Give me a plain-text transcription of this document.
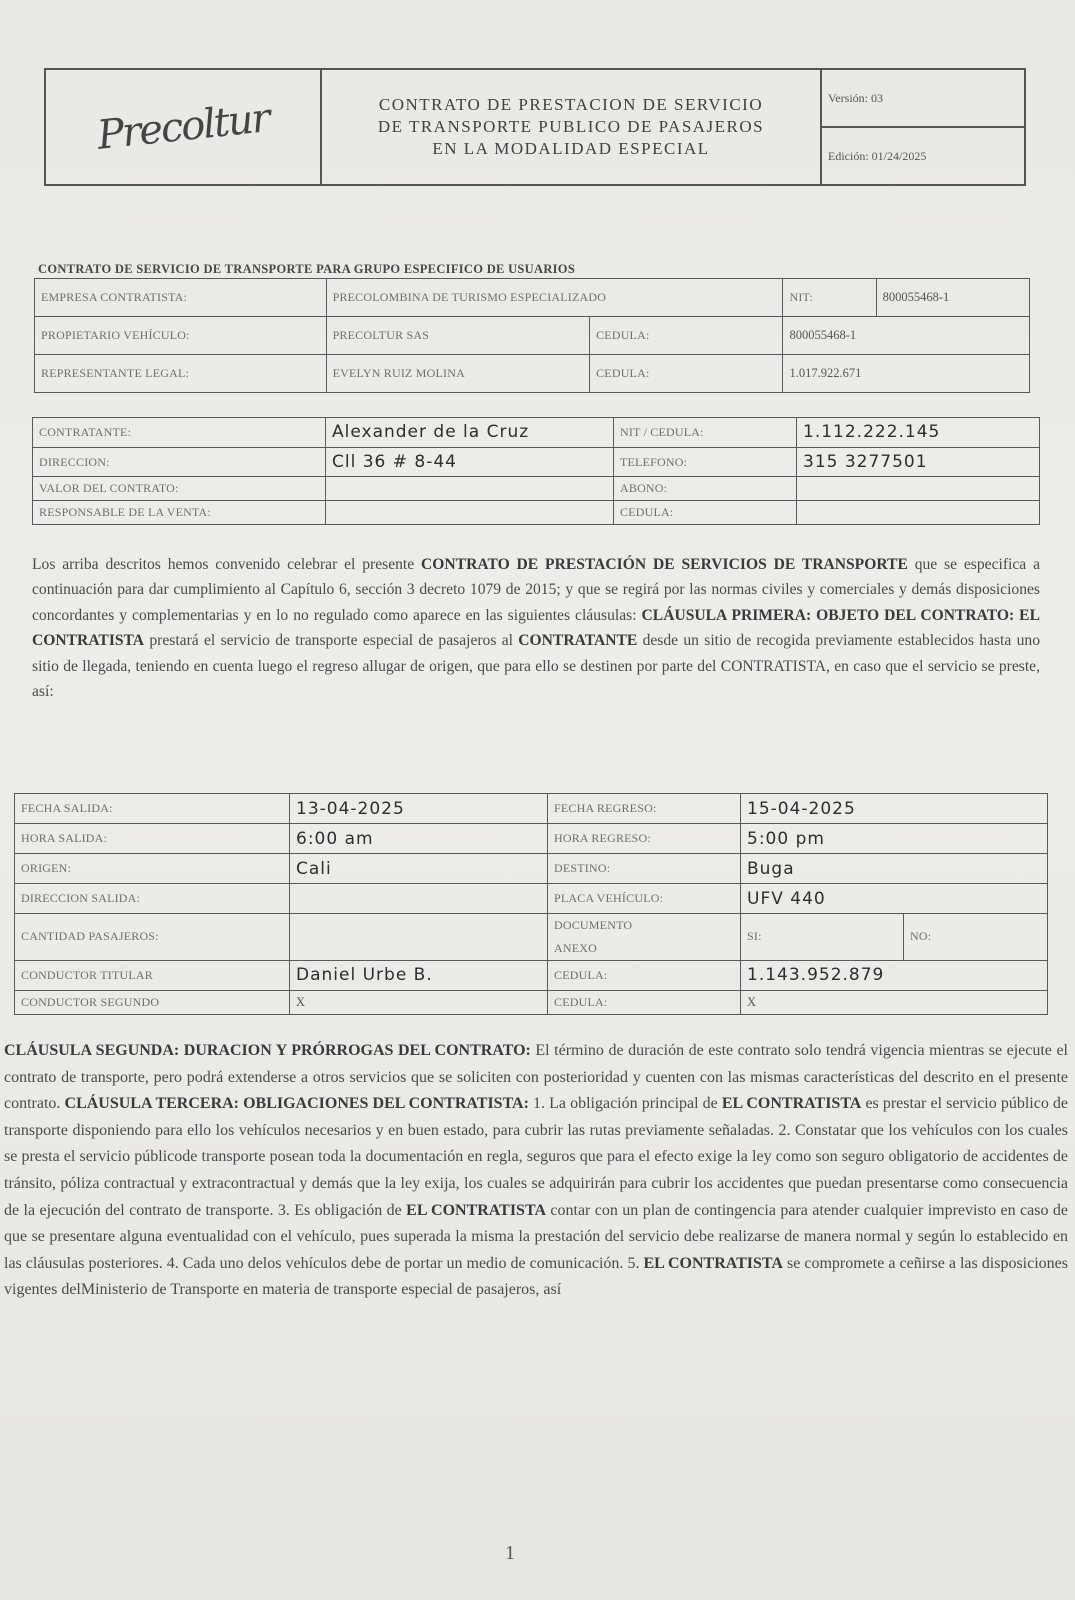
Precoltur	CONTRATO DE PRESTACION DE SERVICIO
DE TRANSPORTE PUBLICO DE PASAJEROS
EN LA MODALIDAD ESPECIAL
	Versión: 03
Edición: 01/24/2025
CONTRATO DE SERVICIO DE TRANSPORTE PARA GRUPO ESPECIFICO DE USUARIOS
EMPRESA CONTRATISTA:	PRECOLOMBINA DE TURISMO ESPECIALIZADO		NIT:	800055468-1
PROPIETARIO VEHÍCULO:	PRECOLTUR SAS	CEDULA:	800055468-1	
REPRESENTANTE LEGAL:	EVELYN RUIZ MOLINA	CEDULA:	1.017.922.671	
CONTRATANTE:	Alexander de la Cruz	NIT / CEDULA:	1.112.222.145
DIRECCION:	Cll 36 # 8-44	TELEFONO:	315 3277501
VALOR DEL CONTRATO:		ABONO:	
RESPONSABLE DE LA VENTA:		CEDULA:	

Los arriba descritos hemos convenido celebrar el presente CONTRATO DE PRESTACIÓN DE SERVICIOS DE TRANSPORTE que se especifica a continuación para dar cumplimiento al Capítulo 6, sección 3 decreto 1079 de 2015; y que se regirá por las normas civiles y comerciales y demás disposiciones concordantes y complementarias y en lo no regulado como aparece en las siguientes cláusulas: CLÁUSULA PRIMERA: OBJETO DEL CONTRATO: EL CONTRATISTA prestará el servicio de transporte especial de pasajeros al CONTRATANTE desde un sitio de recogida previamente establecidos hasta uno sitio de llegada, teniendo en cuenta luego el regreso allugar de origen, que para ello se destinen por parte del CONTRATISTA, en caso que el servicio se preste, así:

FECHA SALIDA:	13-04-2025	FECHA REGRESO:	15-04-2025	
HORA SALIDA:	6:00 am	HORA REGRESO:	5:00 pm	
ORIGEN:	Cali	DESTINO:	Buga	
DIRECCION SALIDA:		PLACA VEHÍCULO:	UFV 440	
CANTIDAD PASAJEROS:		DOCUMENTO	SI:	NO:
		ANEXO		
CONDUCTOR TITULAR	Daniel Urbe B.	CEDULA:	1.143.952.879	
CONDUCTOR SEGUNDO	X	CEDULA:	X	

CLÁUSULA SEGUNDA: DURACION Y PRÓRROGAS DEL CONTRATO: El término de duración de este contrato solo tendrá vigencia mientras se ejecute el contrato de transporte, pero podrá extenderse a otros servicios que se soliciten con posterioridad y cuenten con las mismas características del descrito en el presente contrato. CLÁUSULA TERCERA: OBLIGACIONES DEL CONTRATISTA: 1. La obligación principal de EL CONTRATISTA es prestar el servicio público de transporte disponiendo para ello los vehículos necesarios y en buen estado, para cubrir las rutas previamente señaladas. 2. Constatar que los vehículos con los cuales se presta el servicio públicode transporte posean toda la documentación en regla, seguros que para el efecto exige la ley como son seguro obligatorio de accidentes de tránsito, póliza contractual y extracontractual y demás que la ley exija, los cuales se adquirirán para cubrir los accidentes que puedan presentarse como consecuencia de la ejecución del contrato de transporte. 3. Es obligación de EL CONTRATISTA contar con un plan de contingencia para atender cualquier imprevisto en caso de que se presentare alguna eventualidad con el vehículo, pues superada la misma la prestación del servicio debe realizarse de manera normal y según lo establecido en las cláusulas posteriores. 4. Cada uno delos vehículos debe de portar un medio de comunicación. 5. EL CONTRATISTA se compromete a ceñirse a las disposiciones vigentes delMinisterio de Transporte en materia de transporte especial de pasajeros, así

1
